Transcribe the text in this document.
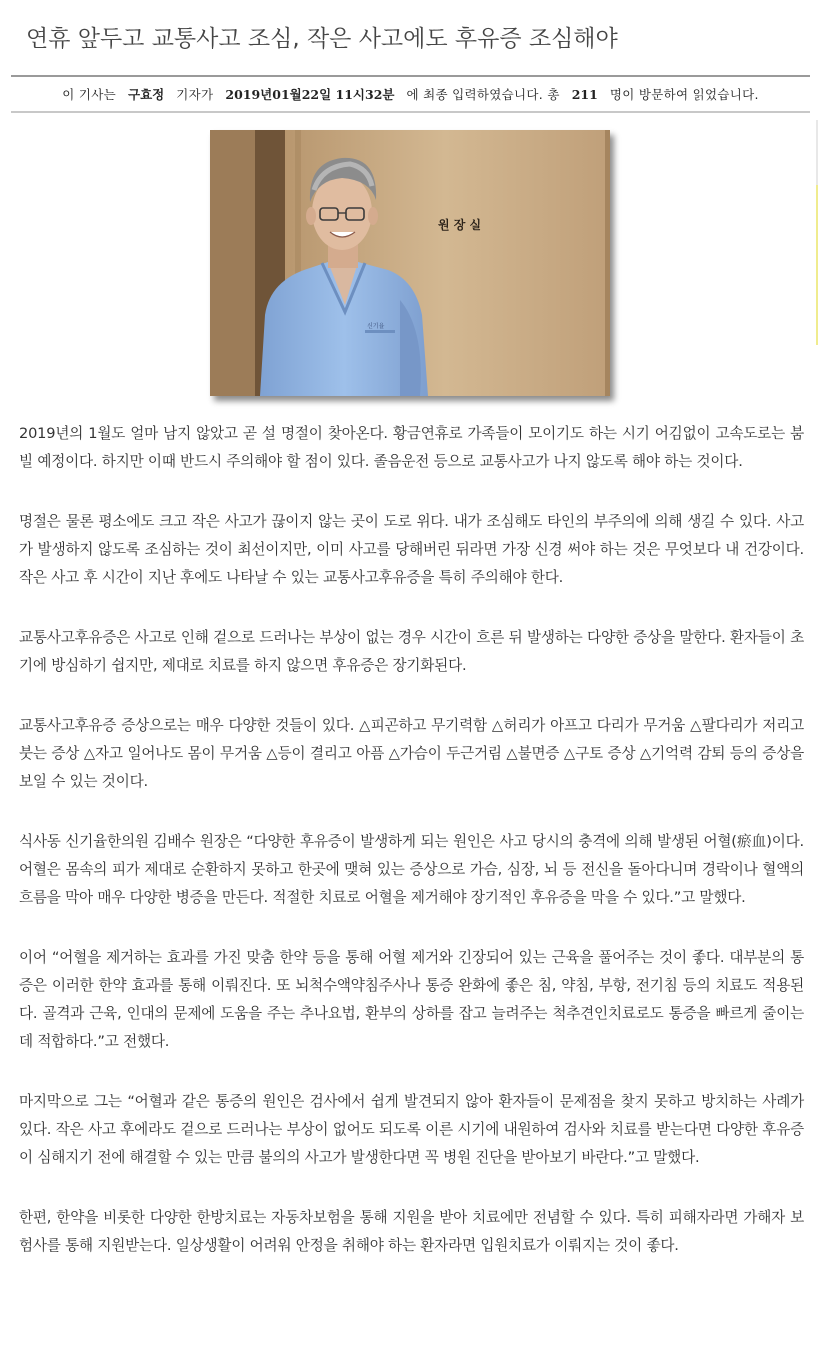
연휴 앞두고 교통사고 조심, 작은 사고에도 후유증 조심해야
이 기사는 구효정 기자가 2019년01월22일 11시32분 에 최종 입력하였습니다. 총 211 명이 방문하여 읽었습니다.
원 장 실
신기율

2019년의 1월도 얼마 남지 않았고 곧 설 명절이 찾아온다. 황금연휴로 가족들이 모이기도 하는 시기 어김없이 고속도로는 붐빌 예정이다. 하지만 이때 반드시 주의해야 할 점이 있다. 졸음운전 등으로 교통사고가 나지 않도록 해야 하는 것이다.

명절은 물론 평소에도 크고 작은 사고가 끊이지 않는 곳이 도로 위다. 내가 조심해도 타인의 부주의에 의해 생길 수 있다. 사고가 발생하지 않도록 조심하는 것이 최선이지만, 이미 사고를 당해버린 뒤라면 가장 신경 써야 하는 것은 무엇보다 내 건강이다. 작은 사고 후 시간이 지난 후에도 나타날 수 있는 교통사고후유증을 특히 주의해야 한다.

교통사고후유증은 사고로 인해 겉으로 드러나는 부상이 없는 경우 시간이 흐른 뒤 발생하는 다양한 증상을 말한다. 환자들이 초기에 방심하기 쉽지만, 제대로 치료를 하지 않으면 후유증은 장기화된다.

교통사고후유증 증상으로는 매우 다양한 것들이 있다. △피곤하고 무기력함 △허리가 아프고 다리가 무거움 △팔다리가 저리고 붓는 증상 △자고 일어나도 몸이 무거움 △등이 결리고 아픔 △가슴이 두근거림 △불면증 △구토 증상 △기억력 감퇴 등의 증상을 보일 수 있는 것이다.

식사동 신기율한의원 김배수 원장은 “다양한 후유증이 발생하게 되는 원인은 사고 당시의 충격에 의해 발생된 어혈(瘀血)이다. 어혈은 몸속의 피가 제대로 순환하지 못하고 한곳에 맺혀 있는 증상으로 가슴, 심장, 뇌 등 전신을 돌아다니며 경락이나 혈액의 흐름을 막아 매우 다양한 병증을 만든다. 적절한 치료로 어혈을 제거해야 장기적인 후유증을 막을 수 있다.”고 말했다.

이어 “어혈을 제거하는 효과를 가진 맞춤 한약 등을 통해 어혈 제거와 긴장되어 있는 근육을 풀어주는 것이 좋다. 대부분의 통증은 이러한 한약 효과를 통해 이뤄진다. 또 뇌척수액약침주사나 통증 완화에 좋은 침, 약침, 부항, 전기침 등의 치료도 적용된다. 골격과 근육, 인대의 문제에 도움을 주는 추나요법, 환부의 상하를 잡고 늘려주는 척추견인치료로도 통증을 빠르게 줄이는데 적합하다.”고 전했다.

마지막으로 그는 “어혈과 같은 통증의 원인은 검사에서 쉽게 발견되지 않아 환자들이 문제점을 찾지 못하고 방치하는 사례가 있다. 작은 사고 후에라도 겉으로 드러나는 부상이 없어도 되도록 이른 시기에 내원하여 검사와 치료를 받는다면 다양한 후유증이 심해지기 전에 해결할 수 있는 만큼 불의의 사고가 발생한다면 꼭 병원 진단을 받아보기 바란다.”고 말했다.

한편, 한약을 비롯한 다양한 한방치료는 자동차보험을 통해 지원을 받아 치료에만 전념할 수 있다. 특히 피해자라면 가해자 보험사를 통해 지원받는다. 일상생활이 어려워 안정을 취해야 하는 환자라면 입원치료가 이뤄지는 것이 좋다.
